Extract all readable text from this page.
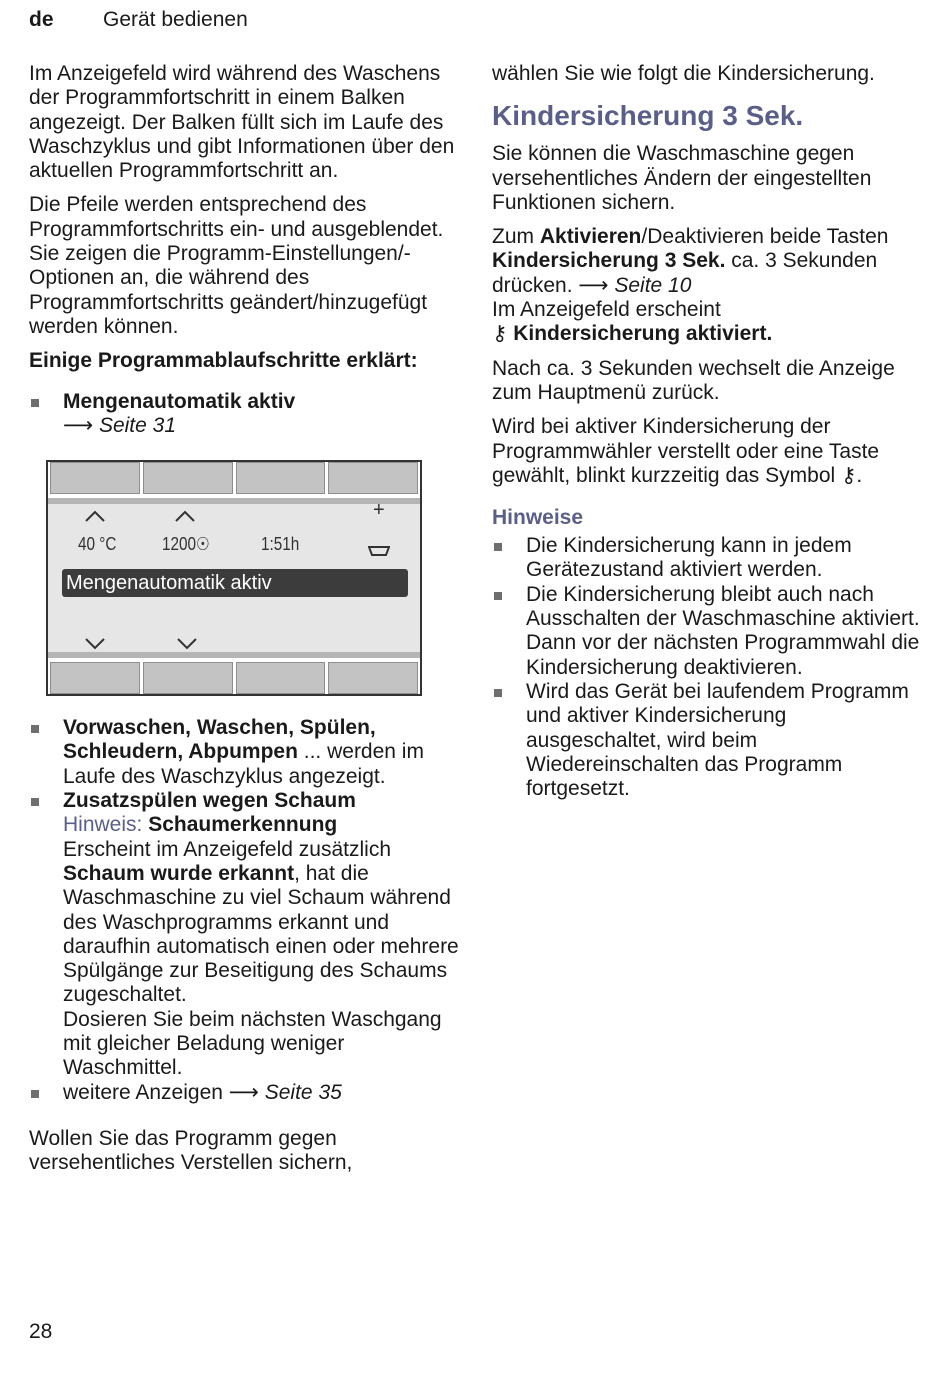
de Gerät bedienen

Im Anzeigefeld wird während des Waschens der Programmfortschritt in einem Balken angezeigt. Der Balken füllt sich im Laufe des Waschzyklus und gibt Informationen über den aktuellen Programmfortschritt an.

Die Pfeile werden entsprechend des Programmfortschritts ein- und ausgeblendet. Sie zeigen die Programm-Einstellungen/-Optionen an, die während des Programmfortschritts geändert/hinzugefügt werden können.

Einige Programmablaufschritte erklärt:

Mengenautomatik aktiv
⟶ Seite 31
+
40 °C	1200☉	1:51h
Mengenautomatik aktiv
Vorwaschen, Waschen, Spülen, Schleudern, Abpumpen ... werden im Laufe des Waschzyklus angezeigt.
Zusatzspülen wegen Schaum
Hinweis: Schaumerkennung
Erscheint im Anzeigefeld zusätzlich Schaum wurde erkannt, hat die Waschmaschine zu viel Schaum während des Waschprogramms erkannt und daraufhin automatisch einen oder mehrere Spülgänge zur Beseitigung des Schaums zugeschaltet.
Dosieren Sie beim nächsten Waschgang mit gleicher Beladung weniger Waschmittel.
weitere Anzeigen ⟶ Seite 35

Wollen Sie das Programm gegen versehentliches Verstellen sichern,

wählen Sie wie folgt die Kindersicherung.

Kindersicherung 3 Sek.

Sie können die Waschmaschine gegen versehentliches Ändern der eingestellten Funktionen sichern.

Zum Aktivieren/Deaktivieren beide Tasten Kindersicherung 3 Sek. ca. 3 Sekunden drücken. ⟶ Seite 10
Im Anzeigefeld erscheint
⚷ Kindersicherung aktiviert.

Nach ca. 3 Sekunden wechselt die Anzeige zum Hauptmenü zurück.

Wird bei aktiver Kindersicherung der Programmwähler verstellt oder eine Taste gewählt, blinkt kurzzeitig das Symbol ⚷.

Hinweise
Die Kindersicherung kann in jedem Gerätezustand aktiviert werden.
Die Kindersicherung bleibt auch nach Ausschalten der Waschmaschine aktiviert. Dann vor der nächsten Programmwahl die Kindersicherung deaktivieren.
Wird das Gerät bei laufendem Programm und aktiver Kindersicherung ausgeschaltet, wird beim Wiedereinschalten das Programm fortgesetzt.
28
